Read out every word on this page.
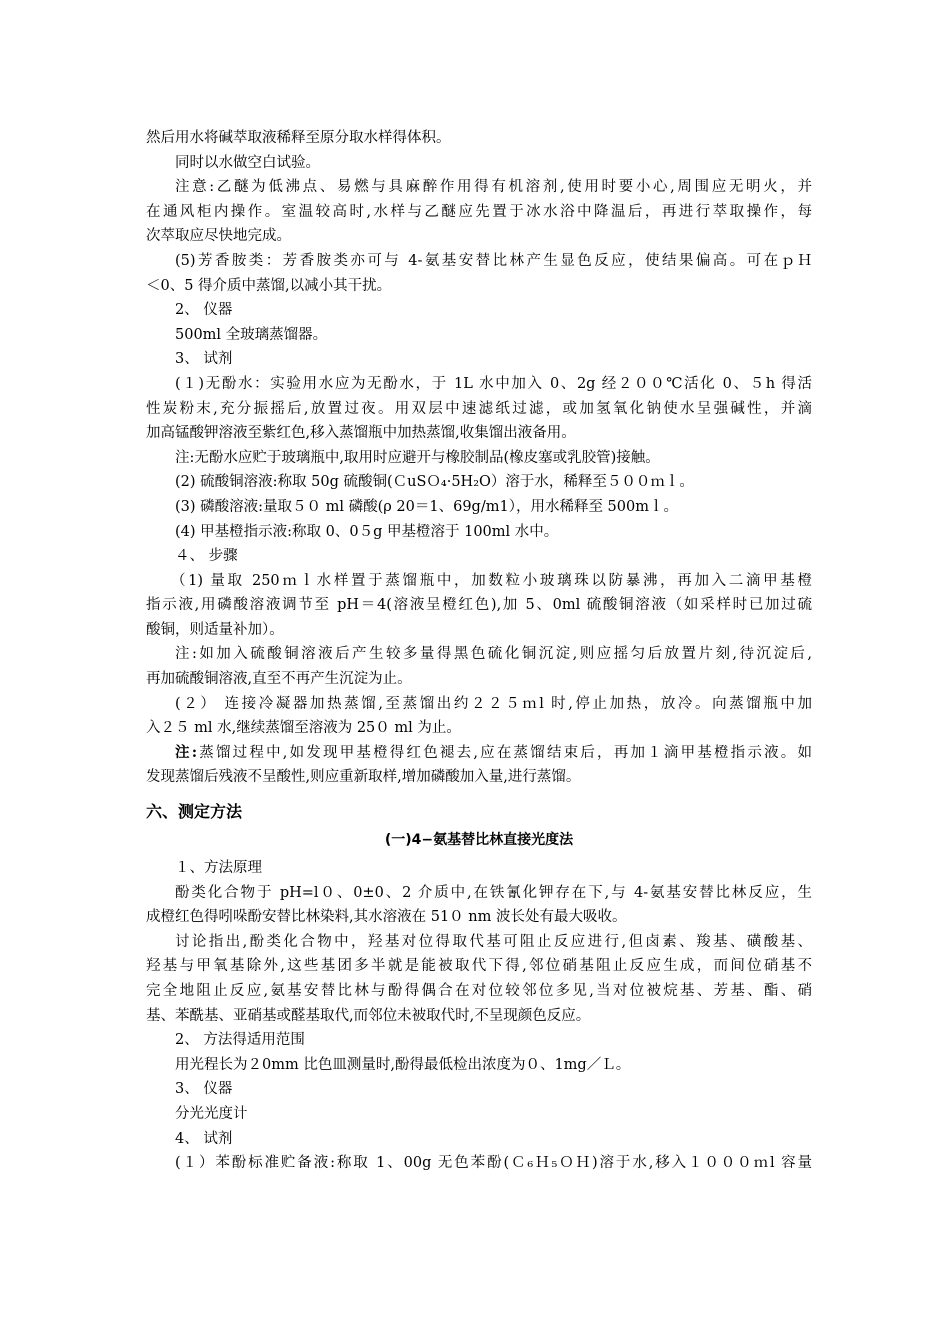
然后用水将碱萃取液稀释至原分取水样得体积。
同时以水做空白试验。
注意:乙醚为低沸点、易燃与具麻醉作用得有机溶剂,使用时要小心,周围应无明火，并
在通风柜内操作。室温较高时,水样与乙醚应先置于冰水浴中降温后，再进行萃取操作，每
次萃取应尽快地完成。
(5)芳香胺类：芳香胺类亦可与 4-氨基安替比林产生显色反应，使结果偏高。可在ｐＨ
＜0、5 得介质中蒸馏,以减小其干扰。
2、 仪器
500ml 全玻璃蒸馏器。
3、 试剂
(１)无酚水：实验用水应为无酚水，于 1L 水中加入 0、2g 经２００℃活化 0、５h 得活
性炭粉末,充分振摇后,放置过夜。用双层中速滤纸过滤，或加氢氧化钠使水呈强碱性，并滴
加高锰酸钾溶液至紫红色,移入蒸馏瓶中加热蒸馏,收集馏出液备用。
注:无酚水应贮于玻璃瓶中,取用时应避开与橡胶制品(橡皮塞或乳胶管)接触。
(2) 硫酸铜溶液:称取 50g 硫酸铜(ＣuSＯ₄·5H₂O）溶于水，稀释至５００ｍｌ。
(3) 磷酸溶液:量取５０ ml 磷酸(ρ 20＝1、69g/m1），用水稀释至 500mｌ。
(4) 甲基橙指示液:称取 0、0５g 甲基橙溶于 100ml 水中。
４、 步骤
（1) 量取 250ｍｌ水样置于蒸馏瓶中，加数粒小玻璃珠以防暴沸，再加入二滴甲基橙
指示液,用磷酸溶液调节至 pH＝4(溶液呈橙红色),加 5、0ml 硫酸铜溶液（如采样时已加过硫
酸铜，则适量补加）。
注:如加入硫酸铜溶液后产生较多量得黑色硫化铜沉淀,则应摇匀后放置片刻,待沉淀后,
再加硫酸铜溶液,直至不再产生沉淀为止。
(２） 连接冷凝器加热蒸馏,至蒸馏出约２２５ｍl 时,停止加热，放冷。向蒸馏瓶中加
入２５ ml 水,继续蒸馏至溶液为 25０ ml 为止。
注:蒸馏过程中,如发现甲基橙得红色褪去,应在蒸馏结束后，再加１滴甲基橙指示液。如
发现蒸馏后残液不呈酸性,则应重新取样,增加磷酸加入量,进行蒸馏。
六、测定方法
(一)4−氨基替比林直接光度法
１、方法原理
酚类化合物于 pH=l０、0±0、2 介质中,在铁氰化钾存在下,与 4-氨基安替比林反应，生
成橙红色得吲哚酚安替比林染料,其水溶液在 51０ nm 波长处有最大吸收。
讨论指出,酚类化合物中，羟基对位得取代基可阻止反应进行,但卤素、羧基、磺酸基、
羟基与甲氧基除外,这些基团多半就是能被取代下得,邻位硝基阻止反应生成，而间位硝基不
完全地阻止反应,氨基安替比林与酚得偶合在对位较邻位多见,当对位被烷基、芳基、酯、硝
基、苯酰基、亚硝基或醛基取代,而邻位未被取代时,不呈现颜色反应。
2、 方法得适用范围
用光程长为２0mm 比色皿测量时,酚得最低检出浓度为０、1mg／Ｌ。
3、 仪器
分光光度计
4、 试剂
(１）苯酚标准贮备液:称取 1、00g 无色苯酚(Ｃ₆Ｈ₅ＯＨ)溶于水,移入１０００ｍl 容量
